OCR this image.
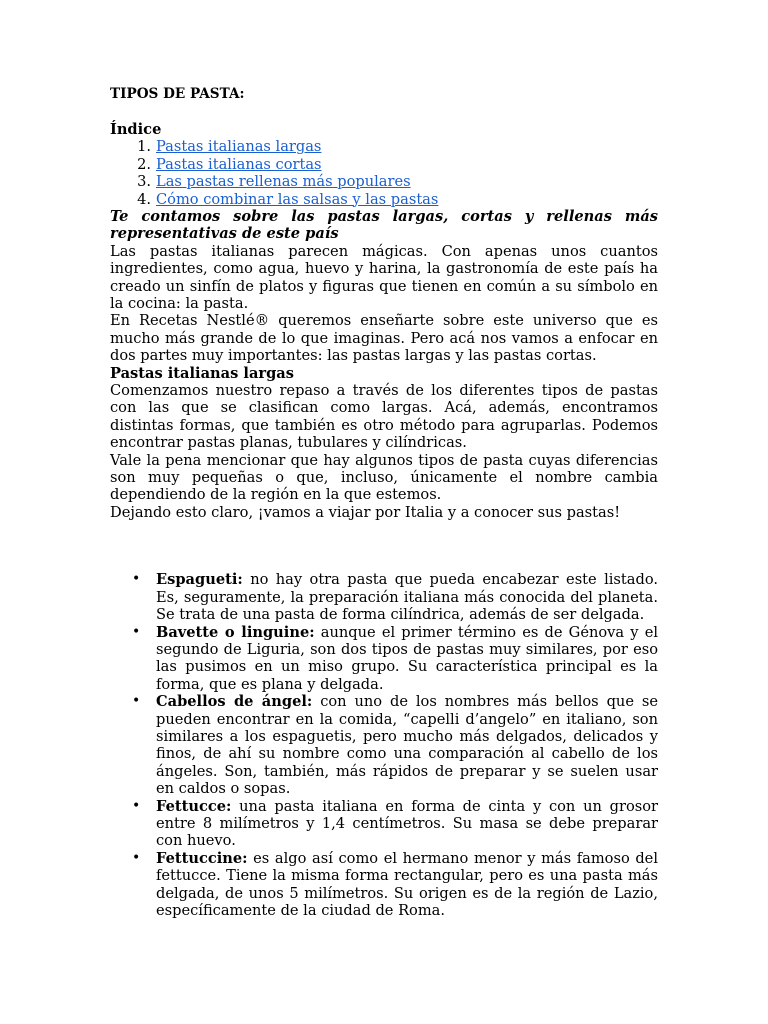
TIPOS DE PASTA:
Índice
1. Pastas italianas largas
2. Pastas italianas cortas
3. Las pastas rellenas más populares
4. Cómo combinar las salsas y las pastas

Te contamos sobre las pastas largas, cortas y rellenas más representativas de este país

Las pastas italianas parecen mágicas. Con apenas unos cuantos ingredientes, como agua, huevo y harina, la gastronomía de este país ha creado un sinfín de platos y figuras que tienen en común a su símbolo en la cocina: la pasta.

En Recetas Nestlé® queremos enseñarte sobre este universo que es mucho más grande de lo que imaginas. Pero acá nos vamos a enfocar en dos partes muy importantes: las pastas largas y las pastas cortas.

Pastas italianas largas

Comenzamos nuestro repaso a través de los diferentes tipos de pastas con las que se clasifican como largas. Acá, además, encontramos distintas formas, que también es otro método para agruparlas. Podemos encontrar pastas planas, tubulares y cilíndricas.

Vale la pena mencionar que hay algunos tipos de pasta cuyas diferencias son muy pequeñas o que, incluso, únicamente el nombre cambia dependiendo de la región en la que estemos.

Dejando esto claro, ¡vamos a viajar por Italia y a conocer sus pastas!

• Espagueti: no hay otra pasta que pueda encabezar este listado. Es, seguramente, la preparación italiana más conocida del planeta. Se trata de una pasta de forma cilíndrica, además de ser delgada.
• Bavette o linguine: aunque el primer término es de Génova y el segundo de Liguria, son dos tipos de pastas muy similares, por eso las pusimos en un miso grupo. Su característica principal es la forma, que es plana y delgada.
• Cabellos de ángel: con uno de los nombres más bellos que se pueden encontrar en la comida, “capelli d’angelo” en italiano, son similares a los espaguetis, pero mucho más delgados, delicados y finos, de ahí su nombre como una comparación al cabello de los ángeles. Son, también, más rápidos de preparar y se suelen usar en caldos o sopas.
• Fettucce: una pasta italiana en forma de cinta y con un grosor entre 8 milímetros y 1,4 centímetros. Su masa se debe preparar con huevo.
• Fettuccine: es algo así como el hermano menor y más famoso del fettucce. Tiene la misma forma rectangular, pero es una pasta más delgada, de unos 5 milímetros. Su origen es de la región de Lazio, específicamente de la ciudad de Roma.
